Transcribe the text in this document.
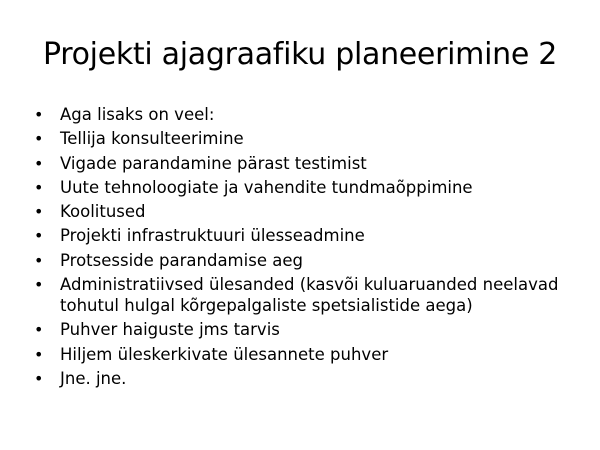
Projekti ajagraafiku planeerimine 2
• Aga lisaks on veel:
• Tellija konsulteerimine
• Vigade parandamine pärast testimist
• Uute tehnoloogiate ja vahendite tundmaõppimine
• Koolitused
• Projekti infrastruktuuri ülesseadmine
• Protsesside parandamise aeg
• Administratiivsed ülesanded (kasvõi kuluaruanded neelavad tohutul hulgal kõrgepalgaliste spetsialistide aega)
• Puhver haiguste jms tarvis
• Hiljem üleskerkivate ülesannete puhver
• Jne. jne.
